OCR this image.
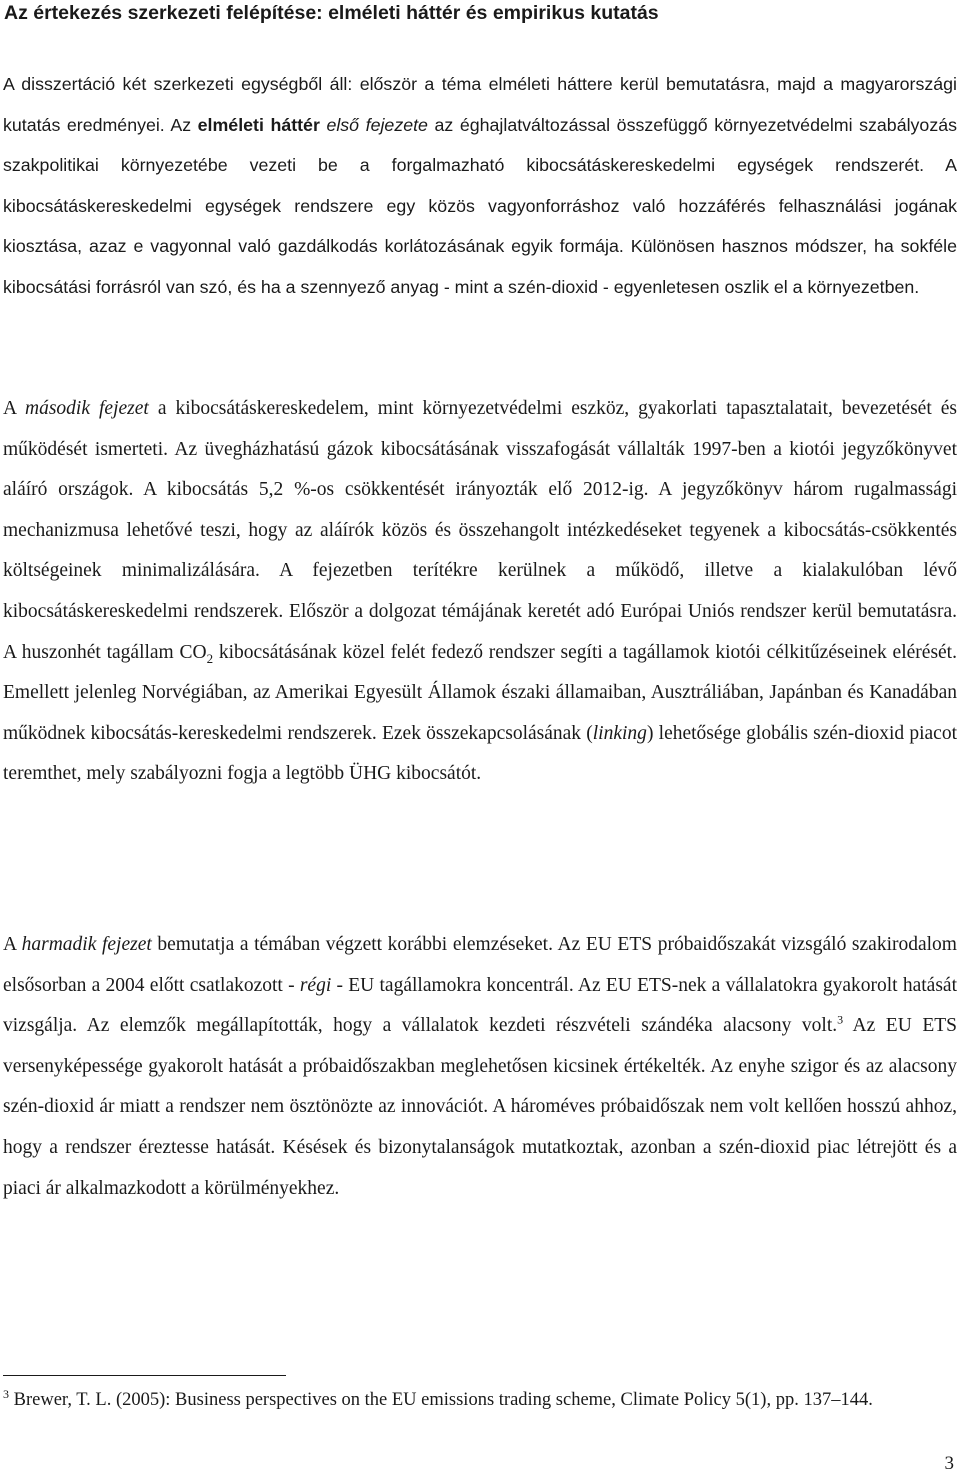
Az értekezés szerkezeti felépítése: elméleti háttér és empirikus kutatás

A disszertáció két szerkezeti egységből áll: először a téma elméleti háttere kerül bemutatásra, majd a magyarországi kutatás eredményei. Az elméleti háttér első fejezete az éghajlatváltozással összefüggő környezetvédelmi szabályozás szakpolitikai környezetébe vezeti be a forgalmazható kibocsátáskereskedelmi egységek rendszerét. A kibocsátáskereskedelmi egységek rendszere egy közös vagyonforráshoz való hozzáférés felhasználási jogának kiosztása, azaz e vagyonnal való gazdálkodás korlátozásának egyik formája. Különösen hasznos módszer, ha sokféle kibocsátási forrásról van szó, és ha a szennyező anyag - mint a szén-dioxid - egyenletesen oszlik el a környezetben.

A második fejezet a kibocsátáskereskedelem, mint környezetvédelmi eszköz, gyakorlati tapasztalatait, bevezetését és működését ismerteti. Az üvegházhatású gázok kibocsátásának visszafogását vállalták 1997-ben a kiotói jegyzőkönyvet aláíró országok. A kibocsátás 5,2 %-os csökkentését irányozták elő 2012-ig. A jegyzőkönyv három rugalmassági mechanizmusa lehetővé teszi, hogy az aláírók közös és összehangolt intézkedéseket tegyenek a kibocsátás-csökkentés költségeinek minimalizálására. A fejezetben terítékre kerülnek a működő, illetve a kialakulóban lévő kibocsátáskereskedelmi rendszerek. Először a dolgozat témájának keretét adó Európai Uniós rendszer kerül bemutatásra. A huszonhét tagállam $CO_2$ kibocsátásának közel felét fedező rendszer segíti a tagállamok kiotói célkitűzéseinek elérését. Emellett jelenleg Norvégiában, az Amerikai Egyesült Államok északi államaiban, Ausztráliában, Japánban és Kanadában működnek kibocsátás-kereskedelmi rendszerek. Ezek összekapcsolásának (linking) lehetősége globális szén-dioxid piacot teremthet, mely szabályozni fogja a legtöbb ÜHG kibocsátót.

A harmadik fejezet bemutatja a témában végzett korábbi elemzéseket. Az EU ETS próbaidőszakát vizsgáló szakirodalom elsősorban a 2004 előtt csatlakozott - régi - EU tagállamokra koncentrál. Az EU ETS-nek a vállalatokra gyakorolt hatását vizsgálja. Az elemzők megállapították, hogy a vállalatok kezdeti részvételi szándéka alacsony volt.$^3$ Az EU ETS versenyképessége gyakorolt hatását a próbaidőszakban meglehetősen kicsinek értékelték. Az enyhe szigor és az alacsony szén-dioxid ár miatt a rendszer nem ösztönözte az innovációt. A hároméves próbaidőszak nem volt kellően hosszú ahhoz, hogy a rendszer éreztesse hatását. Késések és bizonytalanságok mutatkoztak, azonban a szén-dioxid piac létrejött és a piaci ár alkalmazkodott a körülményekhez.

$^3$ Brewer, T. L. (2005): Business perspectives on the EU emissions trading scheme, Climate Policy 5(1), pp. 137–144.

3
